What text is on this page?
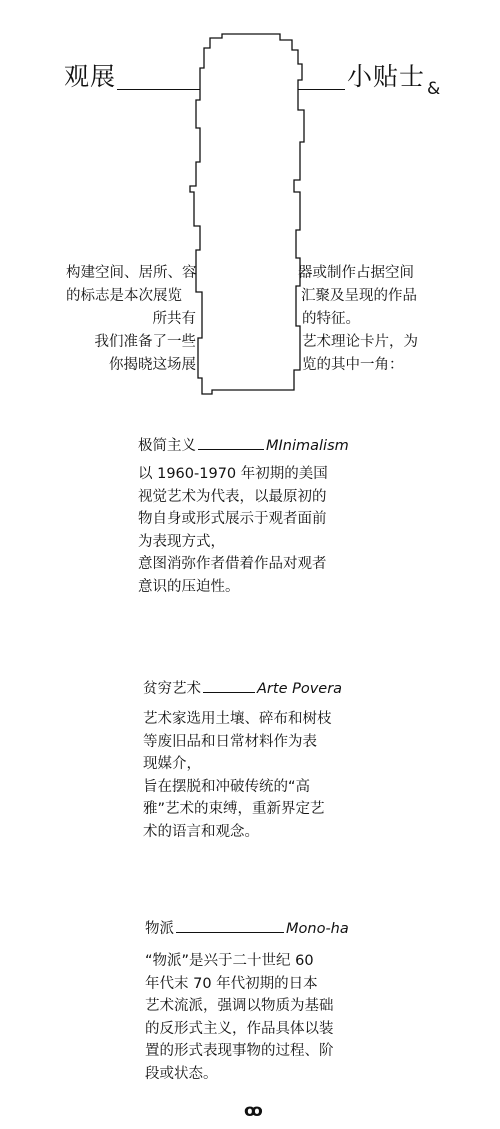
观展	小贴士 &
构建空间、居所、容
的标志是本次展览
所共有
我们准备了一些
你揭晓这场展
器或制作占据空间
汇聚及呈现的作品
的特征。
艺术理论卡片，为
览的其中一角：
极简主义	MInimalism

以 1960-1970 年初期的美国

视觉艺术为代表，以最原初的

物自身或形式展示于观者面前

为表现方式，

意图消弥作者借着作品对观者

意识的压迫性。

贫穷艺术	Arte Povera

艺术家选用土壤、碎布和树枝

等废旧品和日常材料作为表

现媒介，

旨在摆脱和冲破传统的“高

雅”艺术的束缚，重新界定艺

术的语言和观念。

物派	Mono-ha

“物派”是兴于二十世纪 60

年代末 70 年代初期的日本

艺术流派，强调以物质为基础

的反形式主义，作品具体以装

置的形式表现事物的过程、阶

段或状态。

ꝏ
